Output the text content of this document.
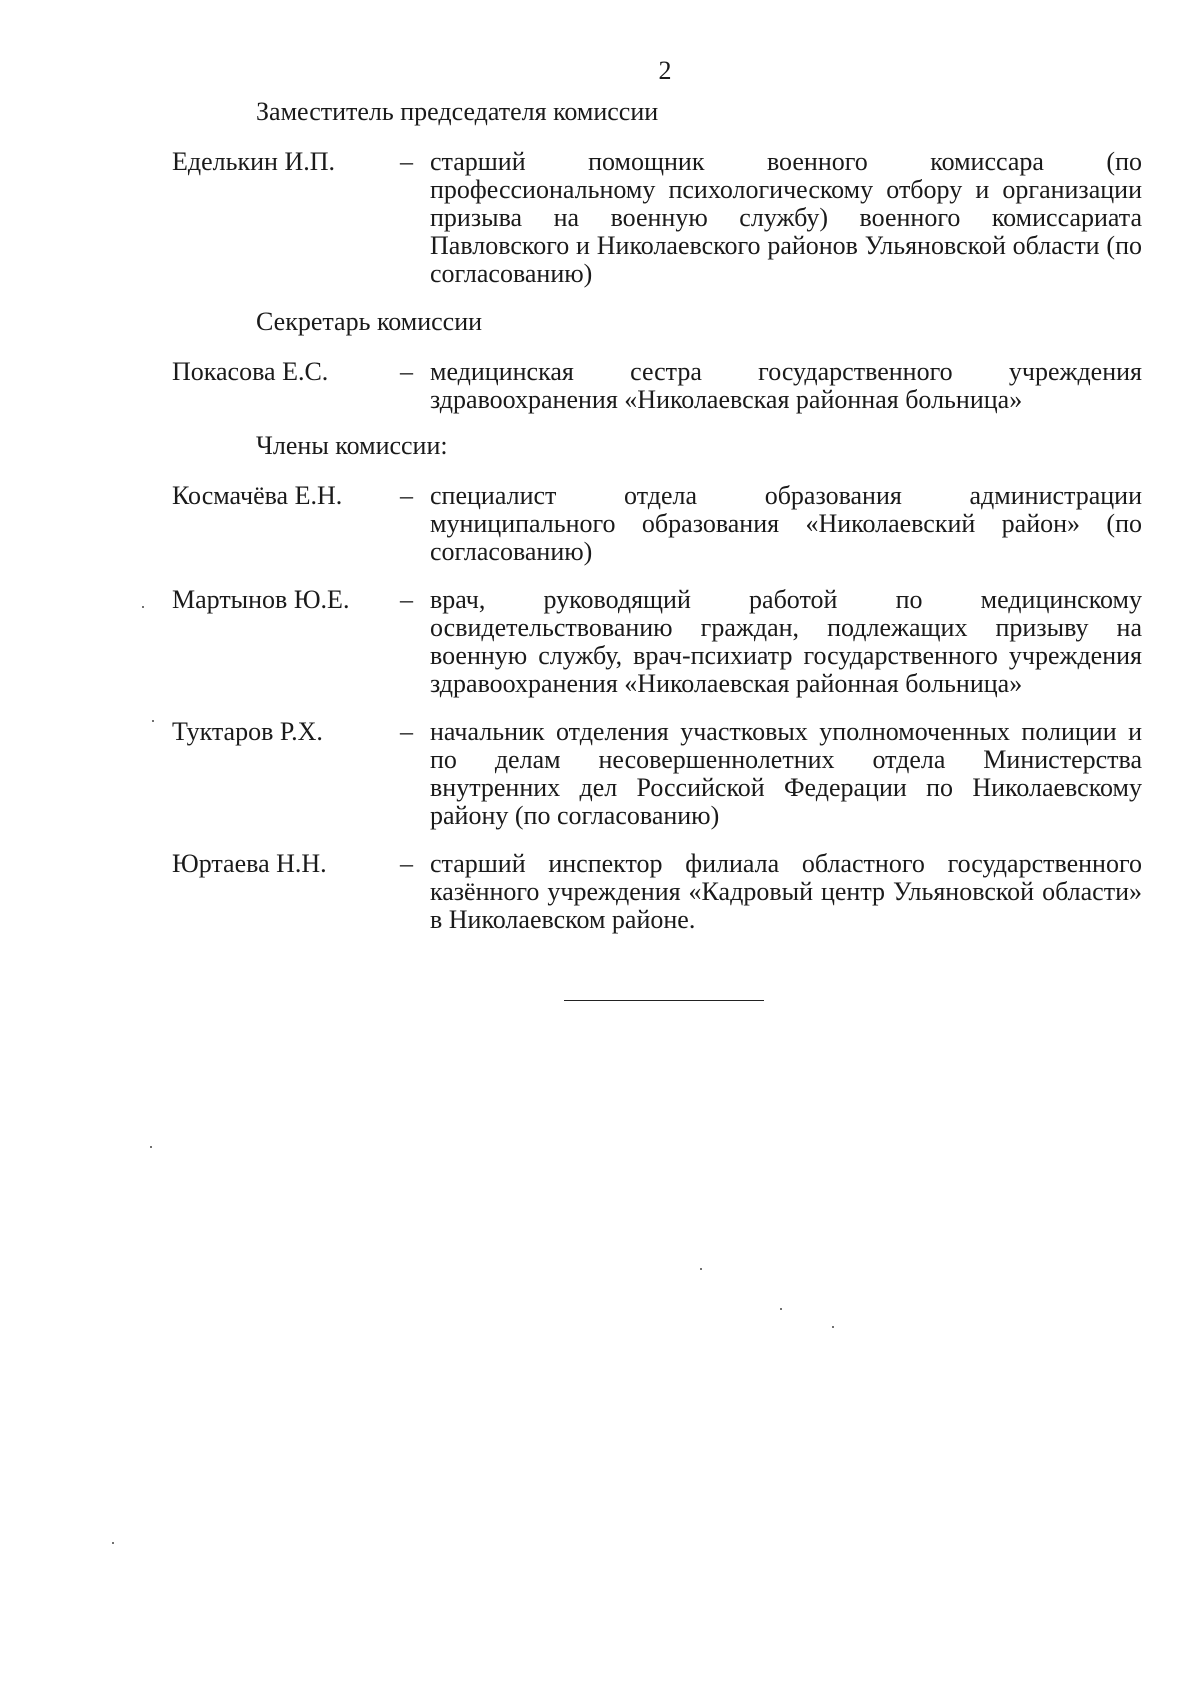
2
Заместитель председателя комиссии
Еделькин И.П.	– старший помощник военного комиссара (по профессиональному психологическому отбору и организации призыва на военную службу) военного комиссариата Павловского и Николаевского районов Ульяновской области (по согласованию)
Секретарь комиссии
Покасова Е.С.	– медицинская сестра государственного учреждения здравоохранения «Николаевская районная больница»
Члены комиссии:
Космачёва Е.Н. – специалист отдела образования администрации муниципального образования «Николаевский район» (по согласованию)
Мартынов Ю.Е. – врач, руководящий работой по медицинскому освидетельствованию граждан, подлежащих призыву на военную службу, врач-психиатр государственного учреждения здравоохранения «Николаевская районная больница»
Туктаров Р.Х.	– начальник отделения участковых уполномоченных полиции и по делам несовершеннолетних отдела Министерства внутренних дел Российской Федерации по Николаевскому району (по согласованию)
Юртаева Н.Н.	– старший инспектор филиала областного государственного казённого учреждения «Кадровый центр Ульяновской области» в Николаевском районе.
